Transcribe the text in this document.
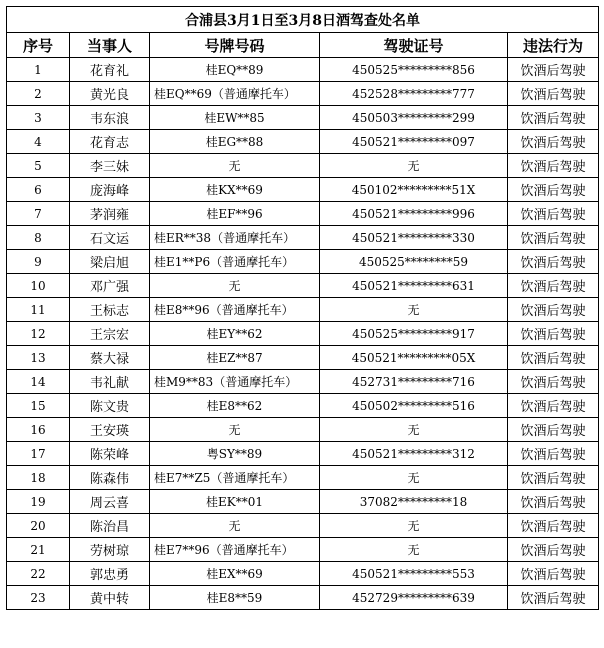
合浦县3月1日至3月8日酒驾查处名单				
序号	当事人	号牌号码	驾驶证号	违法行为
1	花育礼	桂EQ**89	450525*********856	饮酒后驾驶
2	黄光良	桂EQ**69（普通摩托车）	452528*********777	饮酒后驾驶
3	韦东浪	桂EW**85	450503*********299	饮酒后驾驶
4	花育志	桂EG**88	450521*********097	饮酒后驾驶
5	李三妹	无	无	饮酒后驾驶
6	庞海峰	桂KX**69	450102*********51X	饮酒后驾驶
7	茅润雍	桂EF**96	450521*********996	饮酒后驾驶
8	石文运	桂ER**38（普通摩托车）	450521*********330	饮酒后驾驶
9	梁启旭	桂E1**P6（普通摩托车）	450525********59	饮酒后驾驶
10	邓广强	无	450521*********631	饮酒后驾驶
11	王标志	桂E8**96（普通摩托车）	无	饮酒后驾驶
12	王宗宏	桂EY**62	450525*********917	饮酒后驾驶
13	蔡大禄	桂EZ**87	450521*********05X	饮酒后驾驶
14	韦礼献	桂M9**83（普通摩托车）	452731*********716	饮酒后驾驶
15	陈文贵	桂E8**62	450502*********516	饮酒后驾驶
16	王安瑛	无	无	饮酒后驾驶
17	陈荣峰	粤SY**89	450521*********312	饮酒后驾驶
18	陈森伟	桂E7**Z5（普通摩托车）	无	饮酒后驾驶
19	周云喜	桂EK**01	37082*********18	饮酒后驾驶
20	陈治昌	无	无	饮酒后驾驶
21	劳树琼	桂E7**96（普通摩托车）	无	饮酒后驾驶
22	郭忠勇	桂EX**69	450521*********553	饮酒后驾驶
23	黄中转	桂E8**59	452729*********639	饮酒后驾驶
